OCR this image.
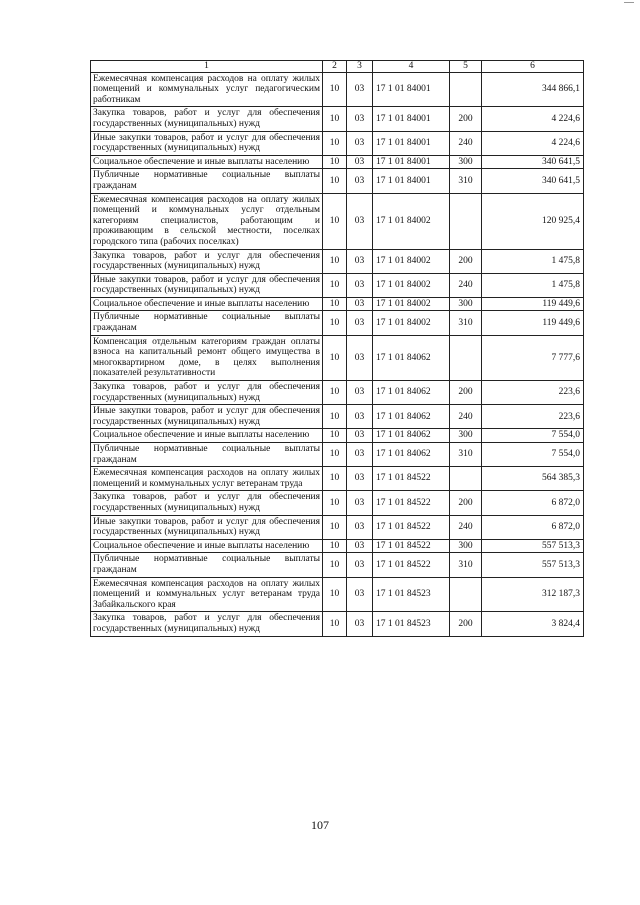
1	2	3	4	5	6
Ежемесячная компенсация расходов на оплату жилых помещений и коммунальных услуг педагогическим работникам	10	03	17 1 01 84001		344 866,1
Закупка товаров, работ и услуг для обеспечения государственных (муниципальных) нужд	10	03	17 1 01 84001	200	4 224,6
Иные закупки товаров, работ и услуг для обеспечения государственных (муниципальных) нужд	10	03	17 1 01 84001	240	4 224,6
Социальное обеспечение и иные выплаты населению	10	03	17 1 01 84001	300	340 641,5
Публичные нормативные социальные выплаты гражданам	10	03	17 1 01 84001	310	340 641,5
Ежемесячная компенсация расходов на оплату жилых помещений и коммунальных услуг отдельным категориям специалистов, работающим и проживающим в сельской местности, поселках городского типа (рабочих поселках)	10	03	17 1 01 84002		120 925,4
Закупка товаров, работ и услуг для обеспечения государственных (муниципальных) нужд	10	03	17 1 01 84002	200	1 475,8
Иные закупки товаров, работ и услуг для обеспечения государственных (муниципальных) нужд	10	03	17 1 01 84002	240	1 475,8
Социальное обеспечение и иные выплаты населению	10	03	17 1 01 84002	300	119 449,6
Публичные нормативные социальные выплаты гражданам	10	03	17 1 01 84002	310	119 449,6
Компенсация отдельным категориям граждан оплаты взноса на капитальный ремонт общего имущества в многоквартирном доме, в целях выполнения показателей результативности	10	03	17 1 01 84062		7 777,6
Закупка товаров, работ и услуг для обеспечения государственных (муниципальных) нужд	10	03	17 1 01 84062	200	223,6
Иные закупки товаров, работ и услуг для обеспечения государственных (муниципальных) нужд	10	03	17 1 01 84062	240	223,6
Социальное обеспечение и иные выплаты населению	10	03	17 1 01 84062	300	7 554,0
Публичные нормативные социальные выплаты гражданам	10	03	17 1 01 84062	310	7 554,0
Ежемесячная компенсация расходов на оплату жилых помещений и коммунальных услуг ветеранам труда	10	03	17 1 01 84522		564 385,3
Закупка товаров, работ и услуг для обеспечения государственных (муниципальных) нужд	10	03	17 1 01 84522	200	6 872,0
Иные закупки товаров, работ и услуг для обеспечения государственных (муниципальных) нужд	10	03	17 1 01 84522	240	6 872,0
Социальное обеспечение и иные выплаты населению	10	03	17 1 01 84522	300	557 513,3
Публичные нормативные социальные выплаты гражданам	10	03	17 1 01 84522	310	557 513,3
Ежемесячная компенсация расходов на оплату жилых помещений и коммунальных услуг ветеранам труда Забайкальского края	10	03	17 1 01 84523		312 187,3
Закупка товаров, работ и услуг для обеспечения государственных (муниципальных) нужд	10	03	17 1 01 84523	200	3 824,4
107
